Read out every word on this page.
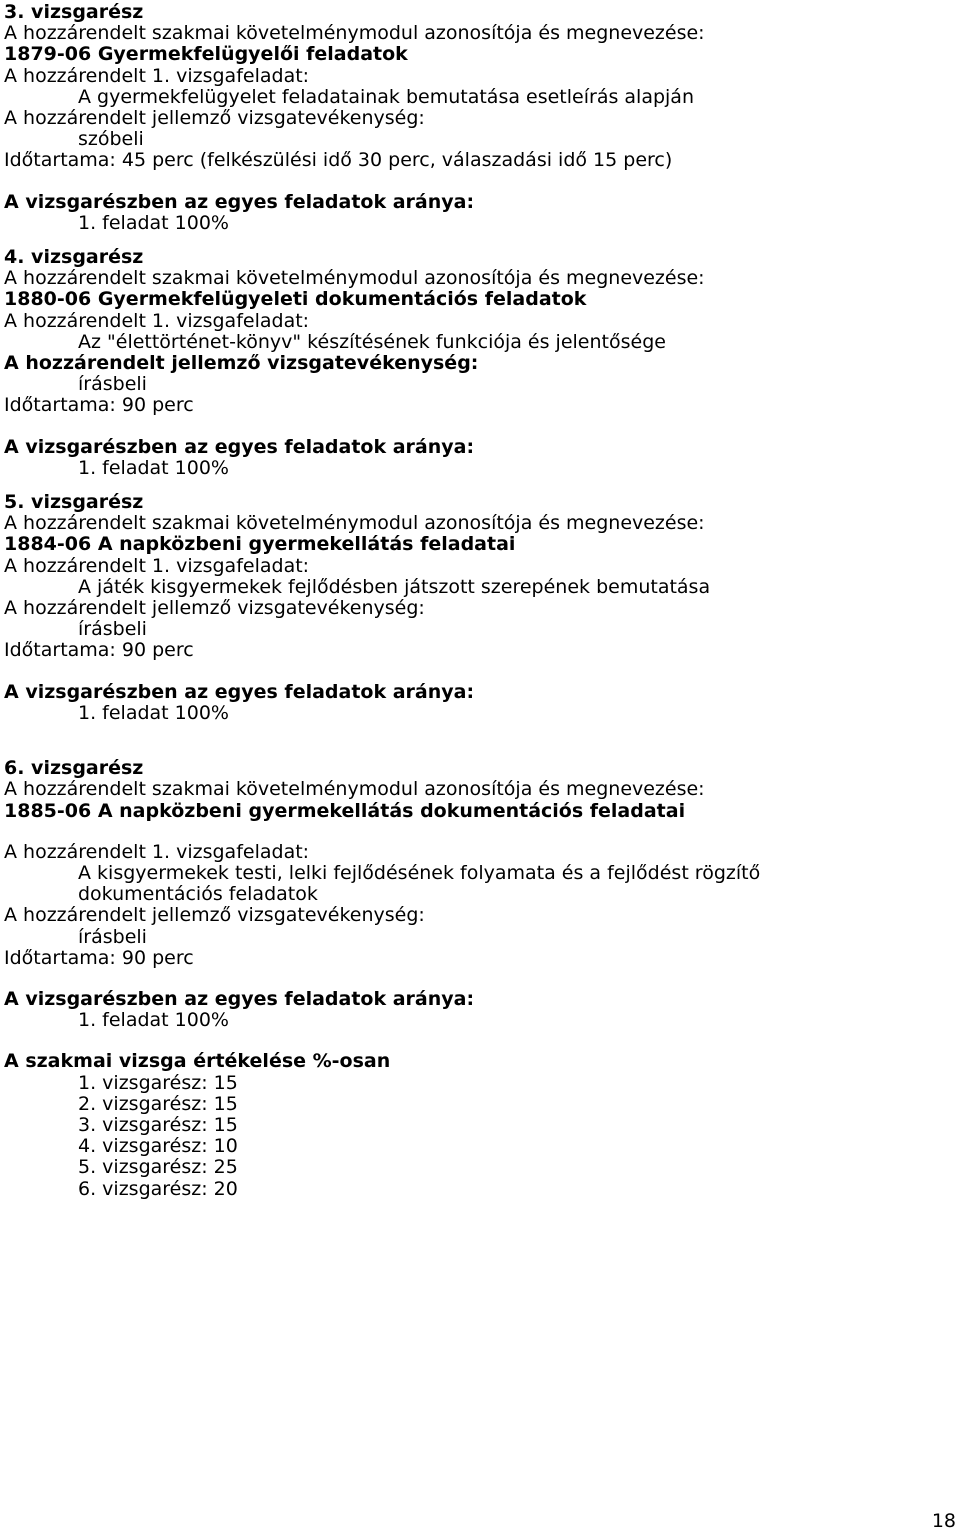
3. vizsgarész
A hozzárendelt szakmai követelménymodul azonosítója és megnevezése:
1879-06 Gyermekfelügyelői feladatok
A hozzárendelt 1. vizsgafeladat:
A gyermekfelügyelet feladatainak bemutatása esetleírás alapján
A hozzárendelt jellemző vizsgatevékenység:
szóbeli
Időtartama: 45 perc (felkészülési idő 30 perc, válaszadási idő 15 perc)
A vizsgarészben az egyes feladatok aránya:
1. feladat 100%
4. vizsgarész
A hozzárendelt szakmai követelménymodul azonosítója és megnevezése:
1880-06 Gyermekfelügyeleti dokumentációs feladatok
A hozzárendelt 1. vizsgafeladat:
Az "élettörténet-könyv" készítésének funkciója és jelentősége
A hozzárendelt jellemző vizsgatevékenység:
írásbeli
Időtartama: 90 perc
A vizsgarészben az egyes feladatok aránya:
1. feladat 100%
5. vizsgarész
A hozzárendelt szakmai követelménymodul azonosítója és megnevezése:
1884-06 A napközbeni gyermekellátás feladatai
A hozzárendelt 1. vizsgafeladat:
A játék kisgyermekek fejlődésben játszott szerepének bemutatása
A hozzárendelt jellemző vizsgatevékenység:
írásbeli
Időtartama: 90 perc
A vizsgarészben az egyes feladatok aránya:
1. feladat 100%
6. vizsgarész
A hozzárendelt szakmai követelménymodul azonosítója és megnevezése:
1885-06 A napközbeni gyermekellátás dokumentációs feladatai
A hozzárendelt 1. vizsgafeladat:
A kisgyermekek testi, lelki fejlődésének folyamata és a fejlődést rögzítő
dokumentációs feladatok
A hozzárendelt jellemző vizsgatevékenység:
írásbeli
Időtartama: 90 perc
A vizsgarészben az egyes feladatok aránya:
1. feladat 100%
A szakmai vizsga értékelése %-osan
1. vizsgarész: 15
2. vizsgarész: 15
3. vizsgarész: 15
4. vizsgarész: 10
5. vizsgarész: 25
6. vizsgarész: 20
18
